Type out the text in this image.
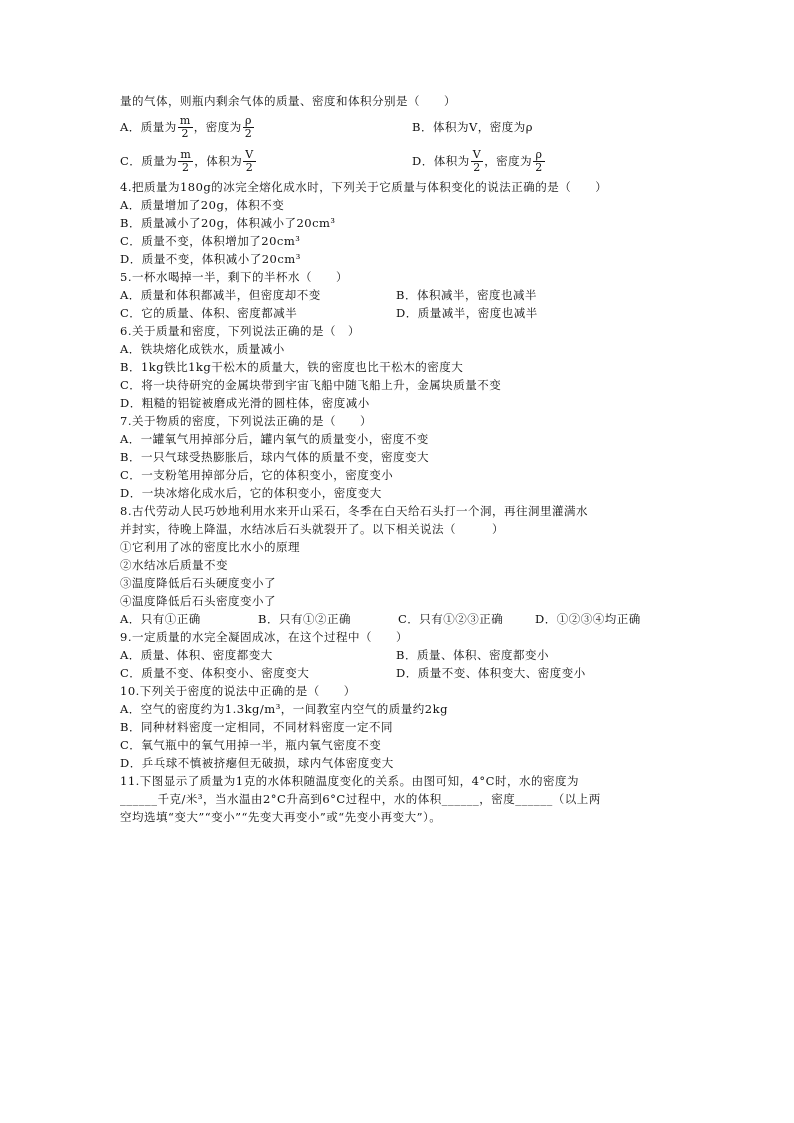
量的气体，则瓶内剩余气体的质量、密度和体积分别是（　　）
A．质量为 $\frac{m}{2}$ ，密度为 $\frac{\rho}{2}$	B．体积为V，密度为ρ
C．质量为 $\frac{m}{2}$ ，体积为 $\frac{V}{2}$	D．体积为 $\frac{V}{2}$ ，密度为 $\frac{\rho}{2}$
4.把质量为180g的冰完全熔化成水时，下列关于它质量与体积变化的说法正确的是（　　）
A．质量增加了20g，体积不变
B．质量减小了20g，体积减小了20cm³
C．质量不变，体积增加了20cm³
D．质量不变，体积减小了20cm³
5.一杯水喝掉一半，剩下的半杯水（　　）
A．质量和体积都减半，但密度却不变	B．体积减半，密度也减半
C．它的质量、体积、密度都减半	D．质量减半，密度也减半
6.关于质量和密度，下列说法正确的是（　）
A．铁块熔化成铁水，质量减小
B．1kg铁比1kg干松木的质量大，铁的密度也比干松木的密度大
C．将一块待研究的金属块带到宇宙飞船中随飞船上升，金属块质量不变
D．粗糙的铝锭被磨成光滑的圆柱体，密度减小
7.关于物质的密度，下列说法正确的是（　　）
A．一罐氧气用掉部分后，罐内氧气的质量变小，密度不变
B．一只气球受热膨胀后，球内气体的质量不变，密度变大
C．一支粉笔用掉部分后，它的体积变小，密度变小
D．一块冰熔化成水后，它的体积变小，密度变大
8.古代劳动人民巧妙地利用水来开山采石，冬季在白天给石头打一个洞，再往洞里灌满水
并封实，待晚上降温，水结冰后石头就裂开了。以下相关说法（　　　）
①它利用了冰的密度比水小的原理
②水结冰后质量不变
③温度降低后石头硬度变小了
④温度降低后石头密度变小了
A．只有①正确	B．只有①②正确	C．只有①②③正确	D．①②③④均正确
9.一定质量的水完全凝固成冰，在这个过程中（　　）
A．质量、体积、密度都变大	B．质量、体积、密度都变小
C．质量不变、体积变小、密度变大	D．质量不变、体积变大、密度变小
10.下列关于密度的说法中正确的是（　　）
A．空气的密度约为1.3kg/m³，一间教室内空气的质量约2kg
B．同种材料密度一定相同，不同材料密度一定不同
C．氧气瓶中的氧气用掉一半，瓶内氧气密度不变
D．乒乓球不慎被挤瘪但无破损，球内气体密度变大
11.下图显示了质量为1克的水体积随温度变化的关系。由图可知，4°C时，水的密度为
______千克/米³，当水温由2°C升高到6°C过程中，水的体积______，密度______（以上两
空均选填“变大”“变小”“先变大再变小”或“先变小再变大”）。
